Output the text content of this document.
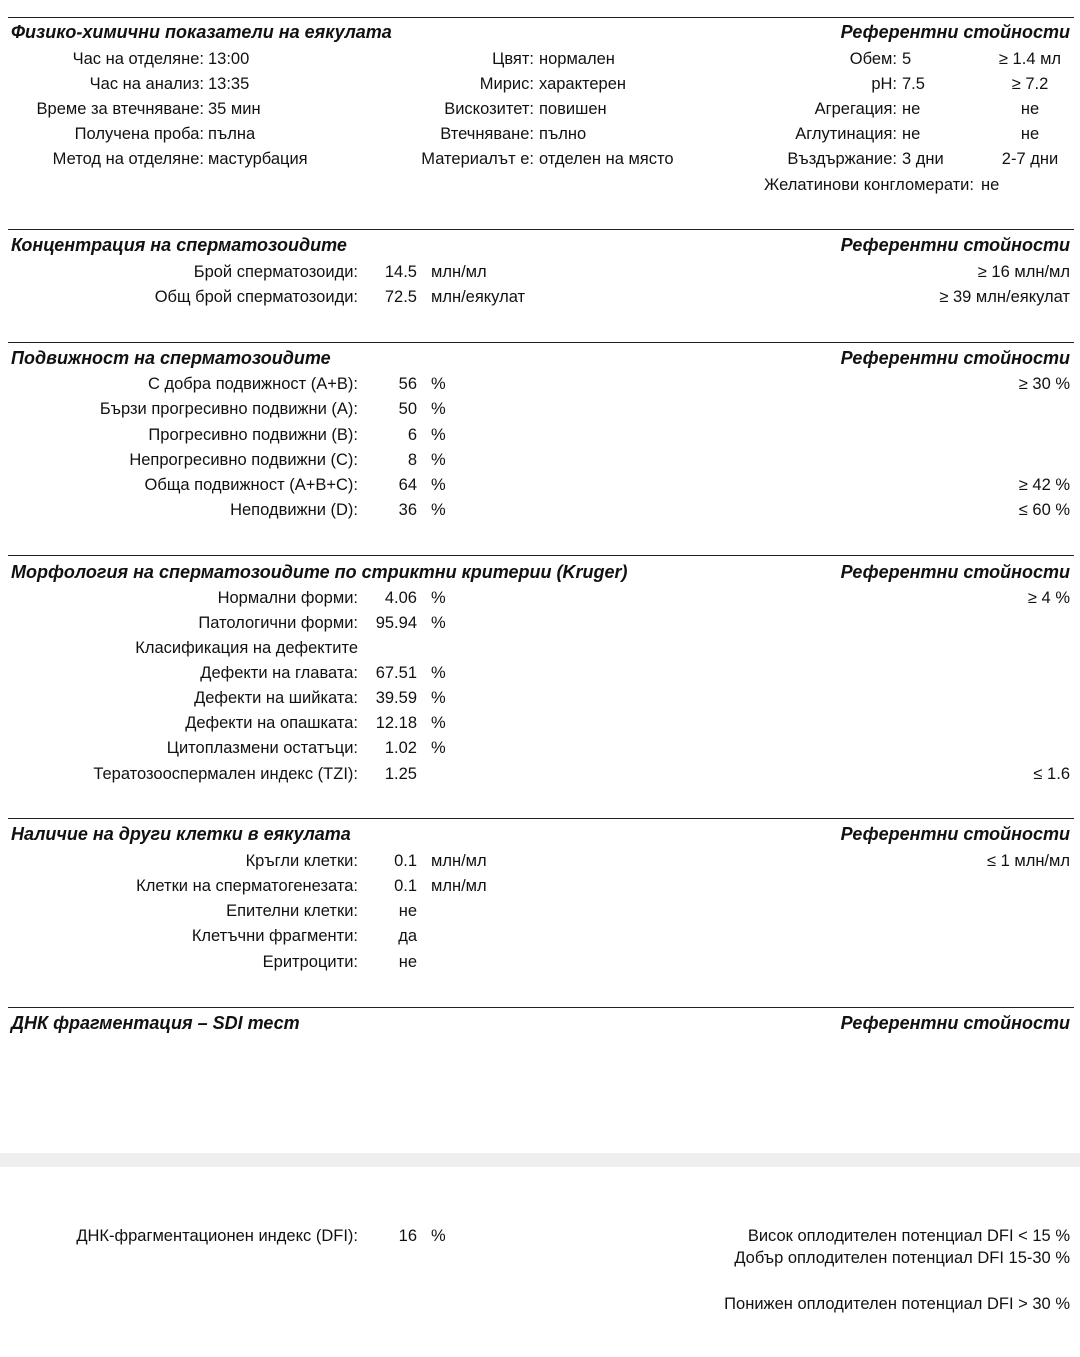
Физико-химични показатели на еякулата	Референтни стойности
Час на отделяне: 13:00	Цвят: нормален	Обем: 5	≥ 1.4 мл
Час на анализ: 13:35	Мирис: характерен	pH: 7.5	≥ 7.2
Време за втечняване: 35 мин	Вискозитет: повишен	Агрегация: не	не
Получена проба: пълна	Втечняване: пълно	Аглутинация: не	не
Метод на отделяне: мастурбация	Материалът е: отделен на място	Въздържание: 3 дни	2-7 дни
Желатинови конгломерати: не
Концентрация на сперматозоидите	Референтни стойности
Брой сперматозоиди:	14.5 млн/мл	≥ 16 млн/мл
Общ брой сперматозоиди:	72.5 млн/еякулат	≥ 39 млн/еякулат
Подвижност на сперматозоидите	Референтни стойности
С добра подвижност (A+B):	56 %	≥ 30 %
Бързи прогресивно подвижни (A):	50 %
Прогресивно подвижни (B):	6 %
Непрогресивно подвижни (C):	8 %
Обща подвижност (A+B+C):	64 %	≥ 42 %
Неподвижни (D):	36 %	≤ 60 %
Морфология на сперматозоидите по стриктни критерии (Kruger)	Референтни стойности
Нормални форми:	4.06 %	≥ 4 %
Патологични форми:	95.94 %
Класификация на дефектите
Дефекти на главата:	67.51 %
Дефекти на шийката:	39.59 %
Дефекти на опашката:	12.18 %
Цитоплазмени остатъци:	1.02 %
Тератозооспермален индекс (TZI):	1.25	≤ 1.6
Наличие на други клетки в еякулата	Референтни стойности
Кръгли клетки:	0.1 млн/мл	≤ 1 млн/мл
Клетки на сперматогенезата:	0.1 млн/мл
Епителни клетки:	не
Клетъчни фрагменти:	да
Еритроцити:	не
ДНК фрагментация – SDI тест	Референтни стойности
ДНК-фрагментационен индекс (DFI):	16 %	Висок оплодителен потенциал DFI < 15 %
Добър оплодителен потенциал DFI 15-30 %
Понижен оплодителен потенциал DFI > 30 %
